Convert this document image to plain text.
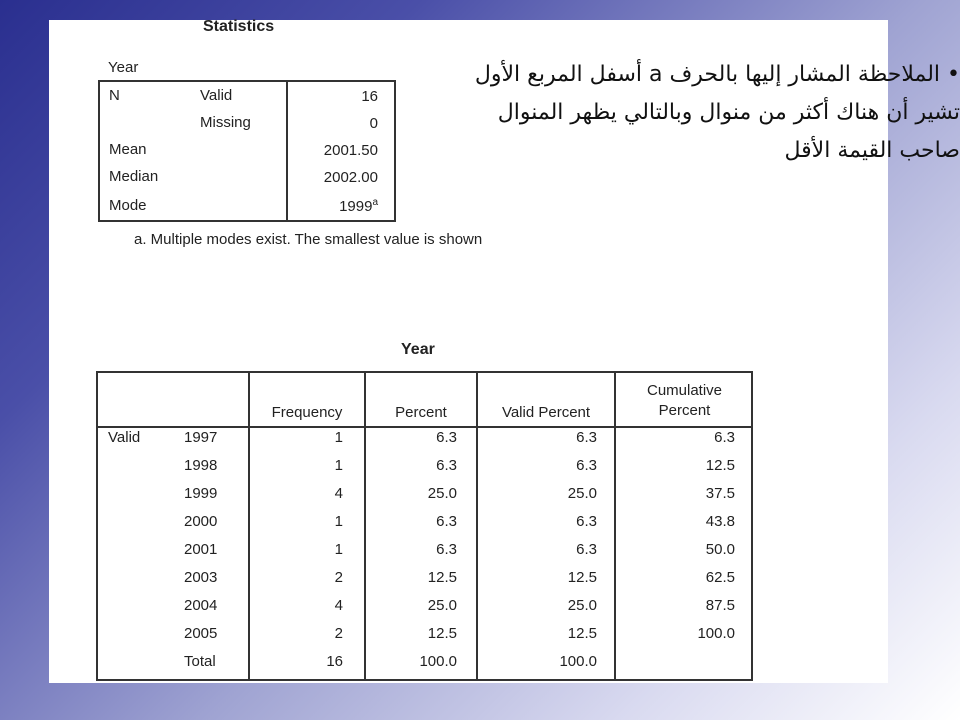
Statistics
Year
N	Valid	16
Missing	0
Mean	2001.50
Median	2002.00
Mode	1999$^a$
a. Multiple modes exist. The smallest value is shown
• الملاحظة المشار إليها بالحرف a أسفل المربع الأول تشير أن هناك أكثر من منوال وبالتالي يظهر المنوال صاحب القيمة الأقل
Year
Frequency	Percent	Valid Percent
Cumulative
Percent
Valid	1997	1	6.3	6.3	6.3
1998	1	6.3	6.3	12.5
1999	4	25.0	25.0	37.5
2000	1	6.3	6.3	43.8
2001	1	6.3	6.3	50.0
2003	2	12.5	12.5	62.5
2004	4	25.0	25.0	87.5
2005	2	12.5	12.5	100.0
Total	16	100.0	100.0
